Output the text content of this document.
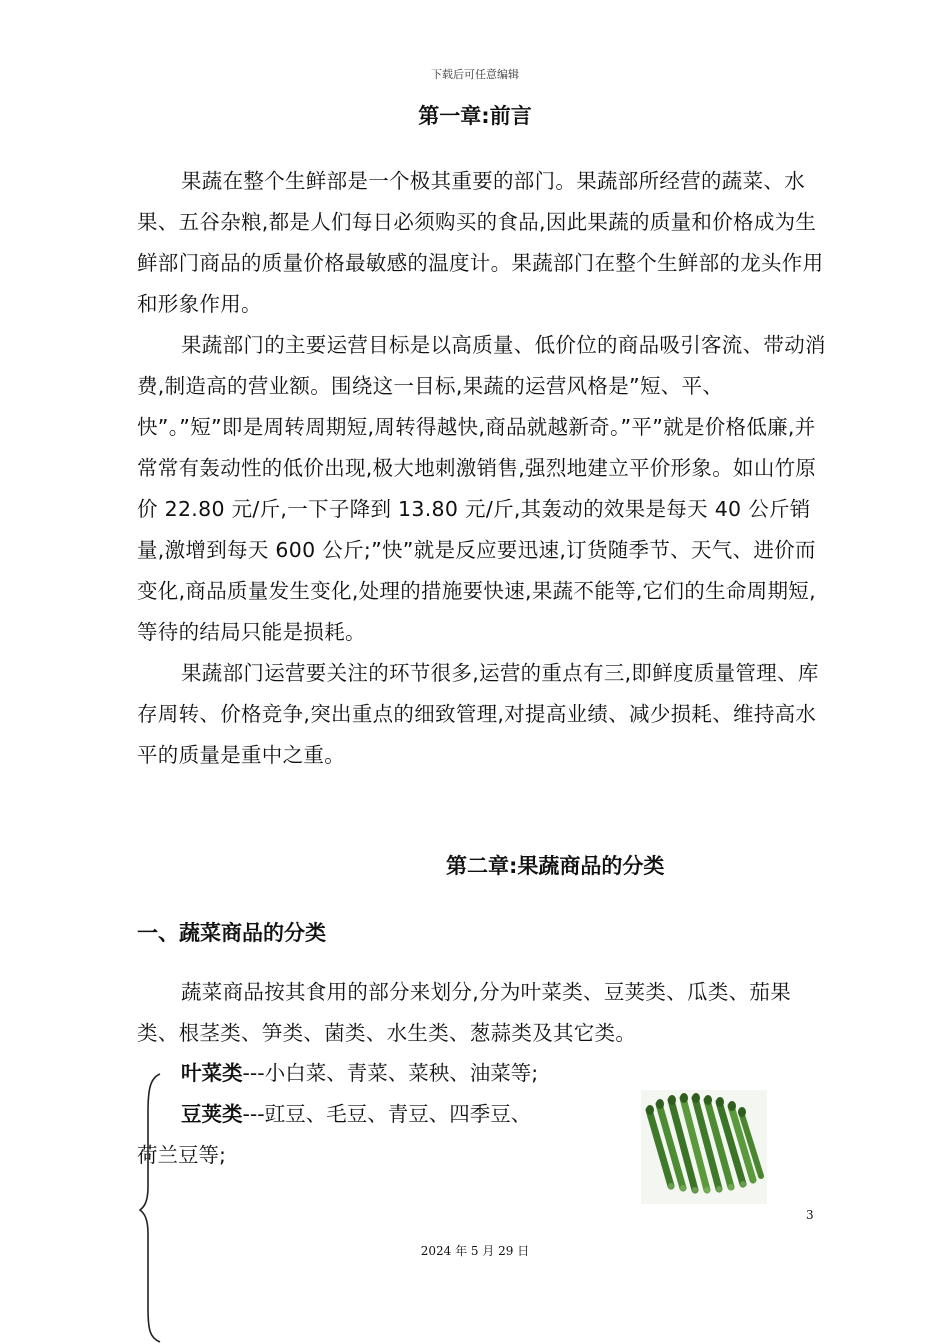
下载后可任意编辑
第一章:前言

果蔬在整个生鲜部是一个极其重要的部门。果蔬部所经营的蔬菜、水果、五谷杂粮,都是人们每日必须购买的食品,因此果蔬的质量和价格成为生鲜部门商品的质量价格最敏感的温度计。果蔬部门在整个生鲜部的龙头作用和形象作用。

果蔬部门的主要运营目标是以高质量、低价位的商品吸引客流、带动消费,制造高的营业额。围绕这一目标,果蔬的运营风格是”短、平、快”。”短”即是周转周期短,周转得越快,商品就越新奇。”平”就是价格低廉,并常常有轰动性的低价出现,极大地刺激销售,强烈地建立平价形象。如山竹原价 22.80 元/斤,一下子降到 13.80 元/斤,其轰动的效果是每天 40 公斤销量,激增到每天 600 公斤;”快”就是反应要迅速,订货随季节、天气、进价而变化,商品质量发生变化,处理的措施要快速,果蔬不能等,它们的生命周期短,等待的结局只能是损耗。

果蔬部门运营要关注的环节很多,运营的重点有三,即鲜度质量管理、库存周转、价格竞争,突出重点的细致管理,对提高业绩、减少损耗、维持高水平的质量是重中之重。

第二章:果蔬商品的分类
一、蔬菜商品的分类

蔬菜商品按其食用的部分来划分,分为叶菜类、豆荚类、瓜类、茄果类、根茎类、笋类、菌类、水生类、葱蒜类及其它类。

叶菜类---小白菜、青菜、菜秧、油菜等;
豆荚类---豇豆、毛豆、青豆、四季豆、
荷兰豆等;
3
2024 年 5 月 29 日
